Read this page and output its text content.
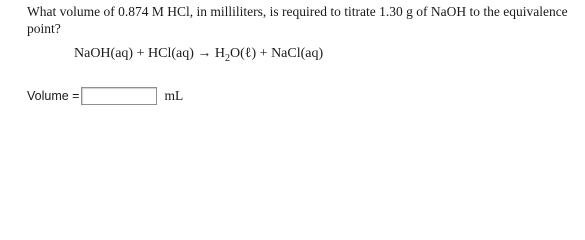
What volume of 0.874 M HCl, in milliliters, is required to titrate 1.30 g of NaOH to the equivalence point?
NaOH(aq) + $HCl(aq) \to H_2O(\ell)$ + NaCl(aq)
Volume =	mL
